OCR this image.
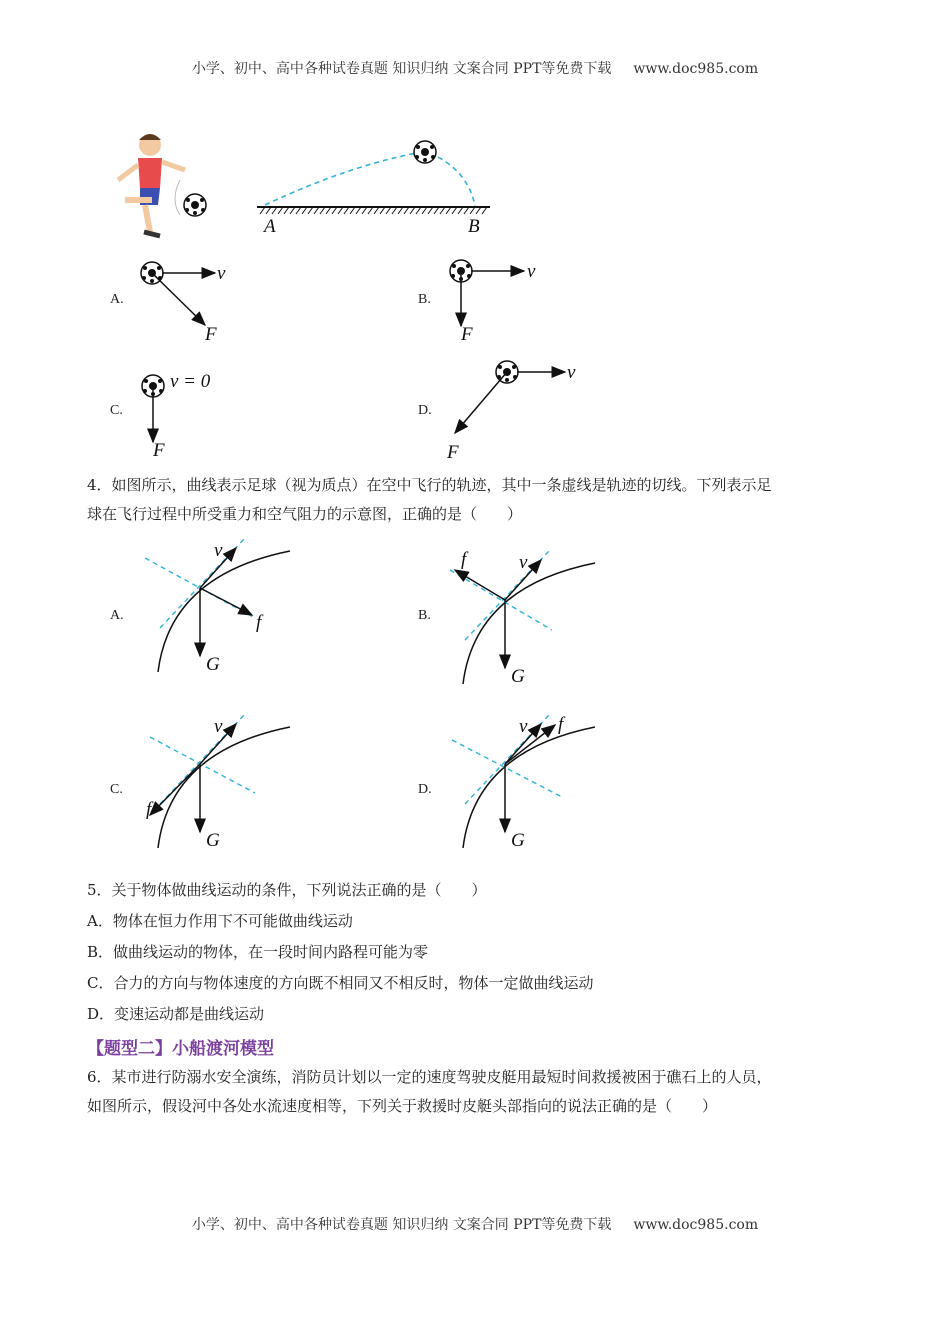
小学、初中、高中各种试卷真题 知识归纳 文案合同 PPT等免费下载 www.doc985.com
A	B
v
F
v
F
v = 0
F
v
F
v
G
f
v
G
f
v
G
f
v
G
f
A.	B.
C.	D.
4．如图所示，曲线表示足球（视为质点）在空中飞行的轨迹，其中一条虚线是轨迹的切线。下列表示足
球在飞行过程中所受重力和空气阻力的示意图，正确的是（　　）
A.	B.
C.	D.
5．关于物体做曲线运动的条件，下列说法正确的是（　　）
A．物体在恒力作用下不可能做曲线运动
B．做曲线运动的物体，在一段时间内路程可能为零
C．合力的方向与物体速度的方向既不相同又不相反时，物体一定做曲线运动
D．变速运动都是曲线运动
【题型二】小船渡河模型
6．某市进行防溺水安全演练，消防员计划以一定的速度驾驶皮艇用最短时间救援被困于礁石上的人员，
如图所示，假设河中各处水流速度相等，下列关于救援时皮艇头部指向的说法正确的是（　　）
小学、初中、高中各种试卷真题 知识归纳 文案合同 PPT等免费下载 www.doc985.com
